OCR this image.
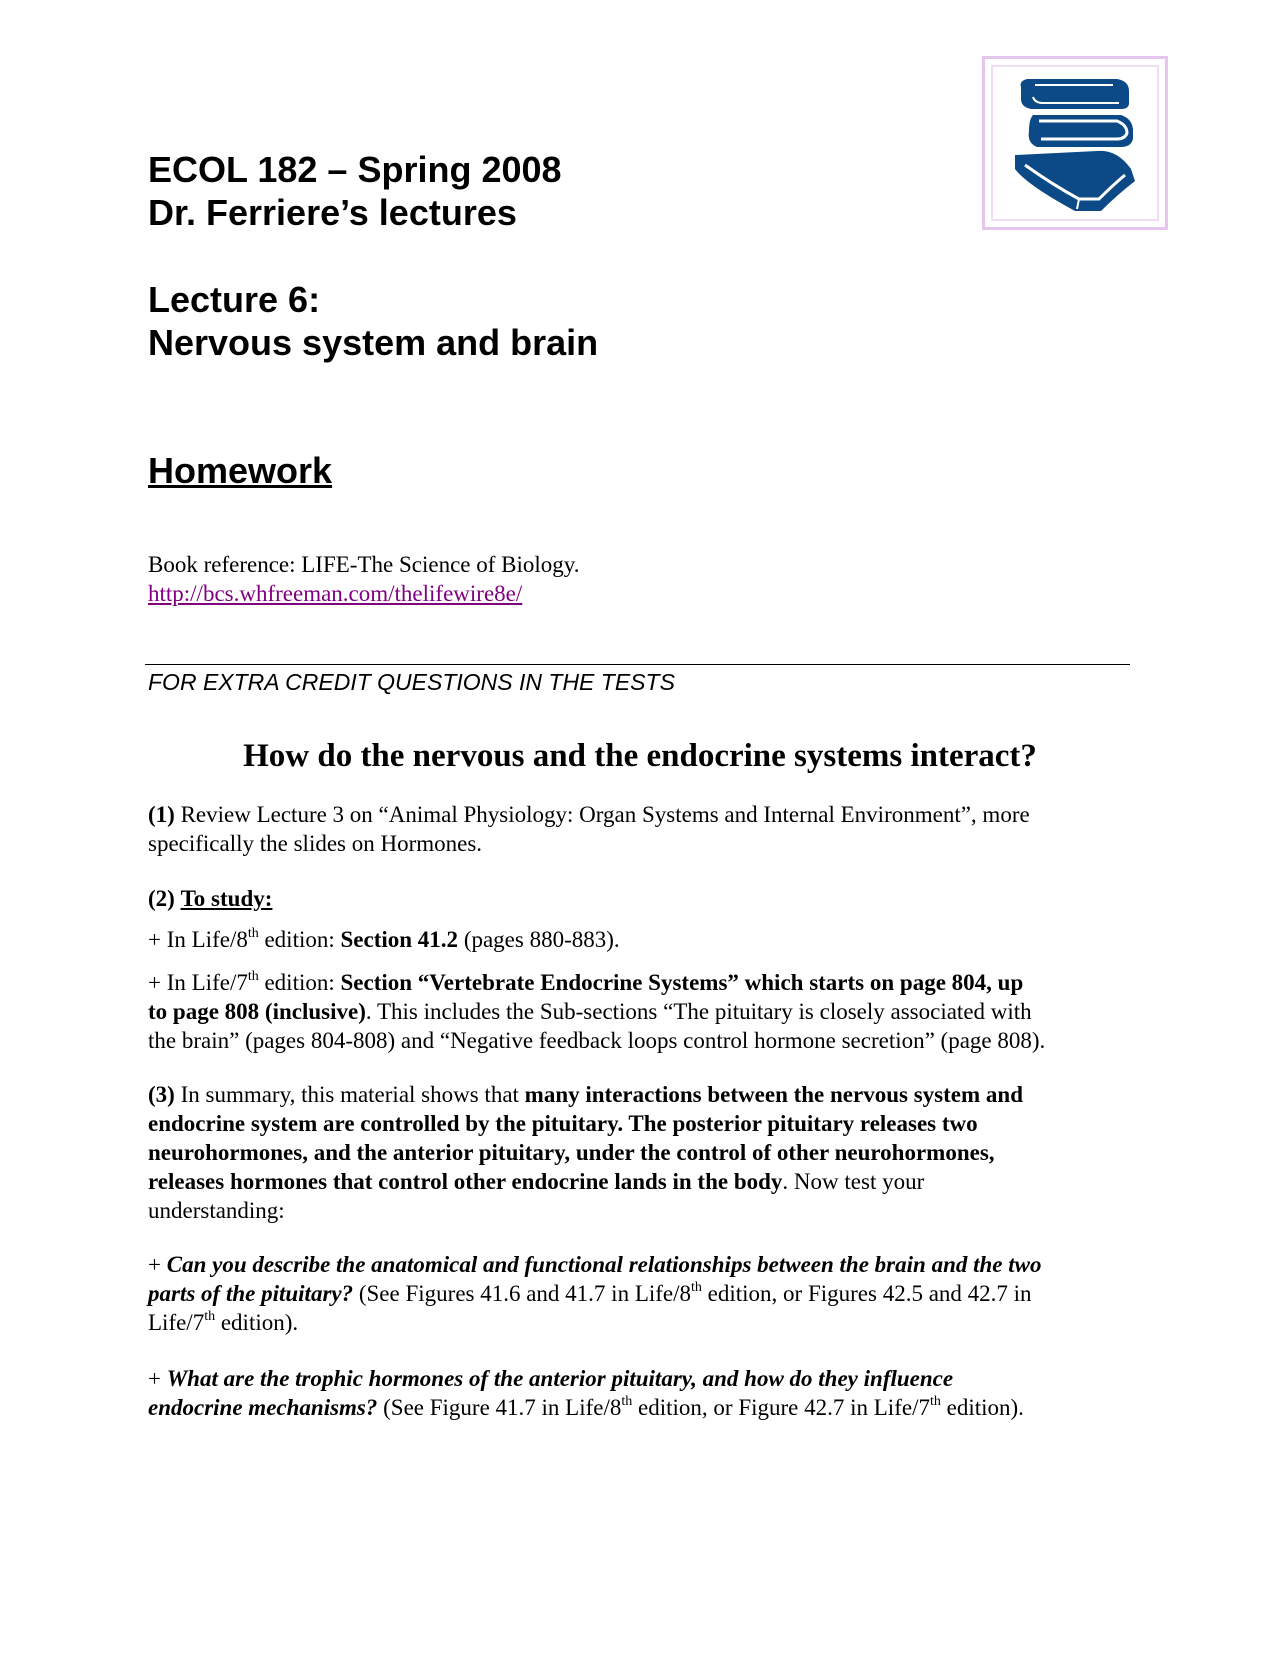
ECOL 182 – Spring 2008
Dr. Ferriere’s lectures
Lecture 6:
Nervous system and brain
Homework
Book reference: LIFE-The Science of Biology.
http://bcs.whfreeman.com/thelifewire8e/
FOR EXTRA CREDIT QUESTIONS IN THE TESTS
How do the nervous and the endocrine systems interact?
(1) Review Lecture 3 on “Animal Physiology: Organ Systems and Internal Environment”, more
specifically the slides on Hormones.
(2) To study:
+ In Life/8th edition: Section 41.2 (pages 880-883).
+ In Life/7th edition: Section “Vertebrate Endocrine Systems” which starts on page 804, up
to page 808 (inclusive). This includes the Sub-sections “The pituitary is closely associated with
the brain” (pages 804-808) and “Negative feedback loops control hormone secretion” (page 808).
(3) In summary, this material shows that many interactions between the nervous system and
endocrine system are controlled by the pituitary. The posterior pituitary releases two
neurohormones, and the anterior pituitary, under the control of other neurohormones,
releases hormones that control other endocrine lands in the body. Now test your
understanding:
+ Can you describe the anatomical and functional relationships between the brain and the two
parts of the pituitary? (See Figures 41.6 and 41.7 in Life/8th edition, or Figures 42.5 and 42.7 in
Life/7th edition).
+ What are the trophic hormones of the anterior pituitary, and how do they influence
endocrine mechanisms? (See Figure 41.7 in Life/8th edition, or Figure 42.7 in Life/7th edition).
